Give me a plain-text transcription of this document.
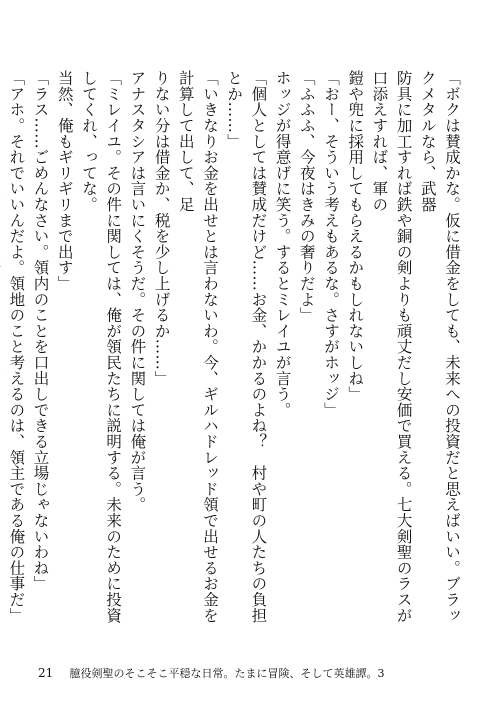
「ボクは賛成かな。仮に借金をしても、未来への投資だと思えばいい。ブラックメタルなら、武器

防具に加工すれば鉄や銅の剣よりも頑丈だし安価で買える。七大剣聖のラスが口添えすれば、軍の

鎧や兜に採用してもらえるかもしれないしね」

「おー、そういう考えもあるな。さすがホッジ」

「ふふふ、今夜はきみの奢りだよ」

ホッジが得意げに笑う。するとミレイユが言う。

「個人としては賛成だけど……お金、かかるのよね？　村や町の人たちの負担とか……」

「いきなりお金を出せとは言わないわ。今、ギルハドレッド領で出せるお金を計算して出して、足

りない分は借金か、税を少し上げるか……」

アナスタシアは言いにくそうだ。その件に関しては俺が言う。

「ミレイユ。その件に関しては、俺が領民たちに説明する。未来のために投資してくれ、ってな。

当然、俺もギリギリまで出す」

「ラス……ごめんなさい。領内のことを口出しできる立場じゃないわね」

「アホ。それでいいんだよ。領地のこと考えるのは、領主である俺の仕事だ」

21 臆役剣聖のそこそこ平穏な日常。たまに冒険、そして英雄譚。3
